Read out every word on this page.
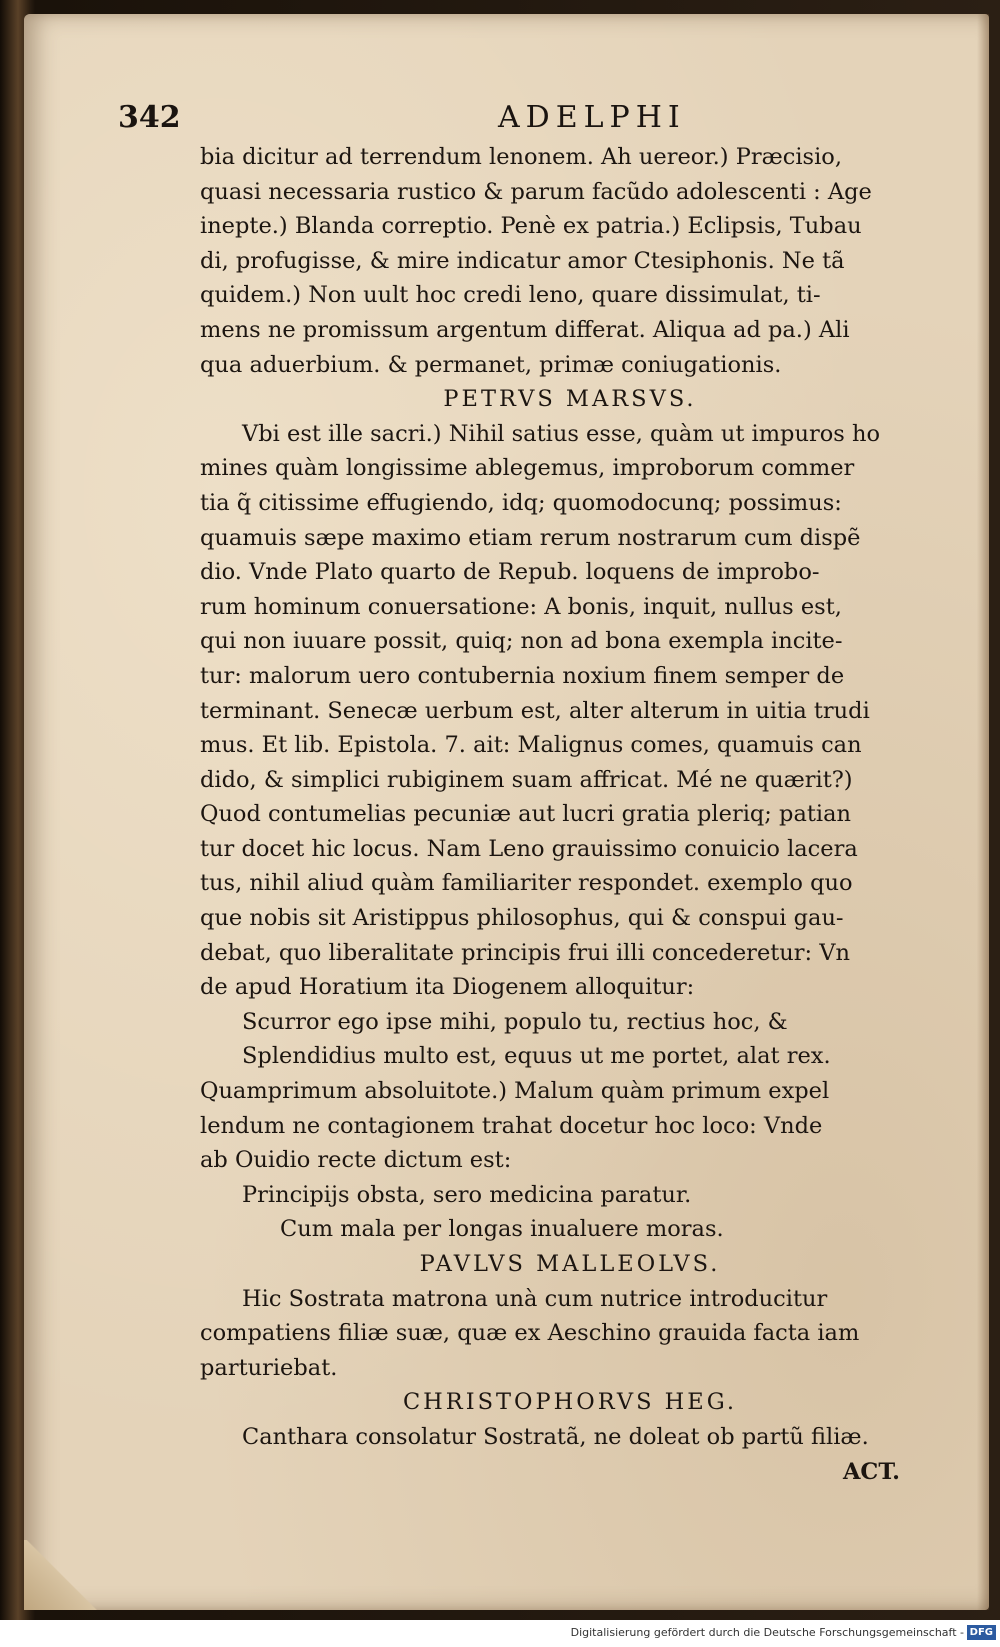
342	ADELPHI
bia dicitur ad terrendum lenonem. Ah uereor.) Præcisio,
quasi necessaria rustico & parum facũdo adolescenti : Age
inepte.) Blanda correptio. Penè ex patria.) Eclipsis, Tubau
di, profugisse, & mire indicatur amor Ctesiphonis. Ne tã
quidem.) Non uult hoc credi leno, quare dissimulat, ti-
mens ne promissum argentum differat. Aliqua ad pa.) Ali
qua aduerbium. & permanet, primæ coniugationis.
PETRVS MARSVS.
Vbi est ille sacri.) Nihil satius esse, quàm ut impuros ho
mines quàm longissime ablegemus, improborum commer
tia q̃ citissime effugiendo, idq; quomodocunq; possimus:
quamuis sæpe maximo etiam rerum nostrarum cum dispẽ
dio. Vnde Plato quarto de Repub. loquens de improbo-
rum hominum conuersatione: A bonis, inquit, nullus est,
qui non iuuare possit, quiq; non ad bona exempla incite-
tur: malorum uero contubernia noxium finem semper de
terminant. Senecæ uerbum est, alter alterum in uitia trudi
mus. Et lib. Epistola. 7. ait: Malignus comes, quamuis can
dido, & simplici rubiginem suam affricat. Mé ne quærit?)
Quod contumelias pecuniæ aut lucri gratia pleriq; patian
tur docet hic locus. Nam Leno grauissimo conuicio lacera
tus, nihil aliud quàm familiariter respondet. exemplo quo
que nobis sit Aristippus philosophus, qui & conspui gau-
debat, quo liberalitate principis frui illi concederetur: Vn
de apud Horatium ita Diogenem alloquitur:
Scurror ego ipse mihi, populo tu, rectius hoc, &
Splendidius multo est, equus ut me portet, alat rex.
Quamprimum absoluitote.) Malum quàm primum expel
lendum ne contagionem trahat docetur hoc loco: Vnde
ab Ouidio recte dictum est:
Principijs obsta, sero medicina paratur.
Cum mala per longas inualuere moras.
PAVLVS MALLEOLVS.
Hic Sostrata matrona unà cum nutrice introducitur
compatiens filiæ suæ, quæ ex Aeschino grauida facta iam
parturiebat.
CHRISTOPHORVS HEG.
Canthara consolatur Sostratã, ne doleat ob partũ filiæ.
ACT.
Digitalisierung gefördert durch die Deutsche Forschungsgemeinschaft - DFG
